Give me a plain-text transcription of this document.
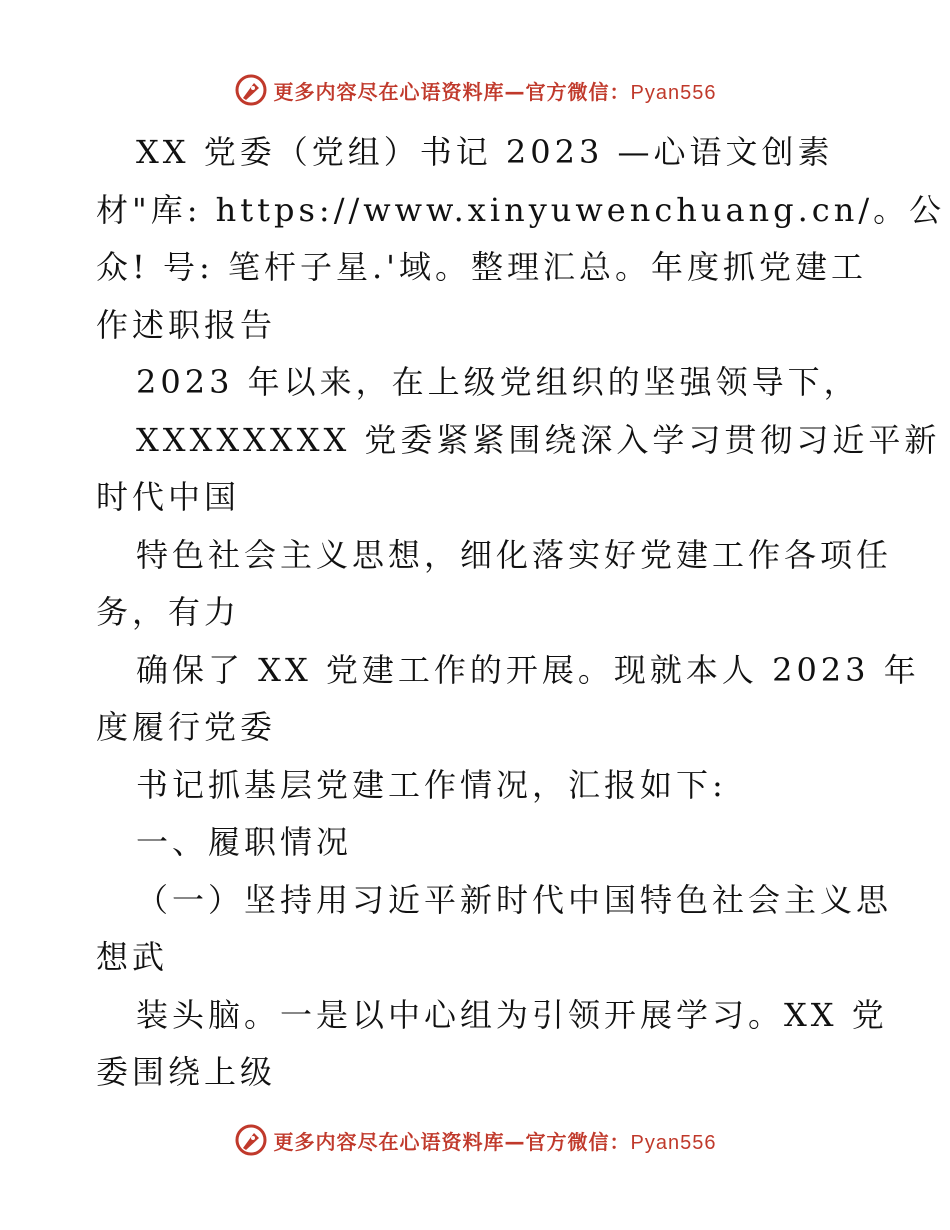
更多内容尽在心语资料库—官方微信：Pyan556
XX 党委（党组）书记 2023 —心语文创素
材"库: https://www.xinyuwenchuang.cn/。公
众! 号: 笔杆子星.'域。整理汇总。年度抓党建工
作述职报告
2023 年以来，在上级党组织的坚强领导下，
XXXXXXXX 党委紧紧围绕深入学习贯彻习近平新
时代中国
特色社会主义思想，细化落实好党建工作各项任
务，有力
确保了 XX 党建工作的开展。现就本人 2023 年
度履行党委
书记抓基层党建工作情况，汇报如下:
一、履职情况
（一）坚持用习近平新时代中国特色社会主义思
想武
装头脑。一是以中心组为引领开展学习。XX 党
委围绕上级
更多内容尽在心语资料库—官方微信：Pyan556
